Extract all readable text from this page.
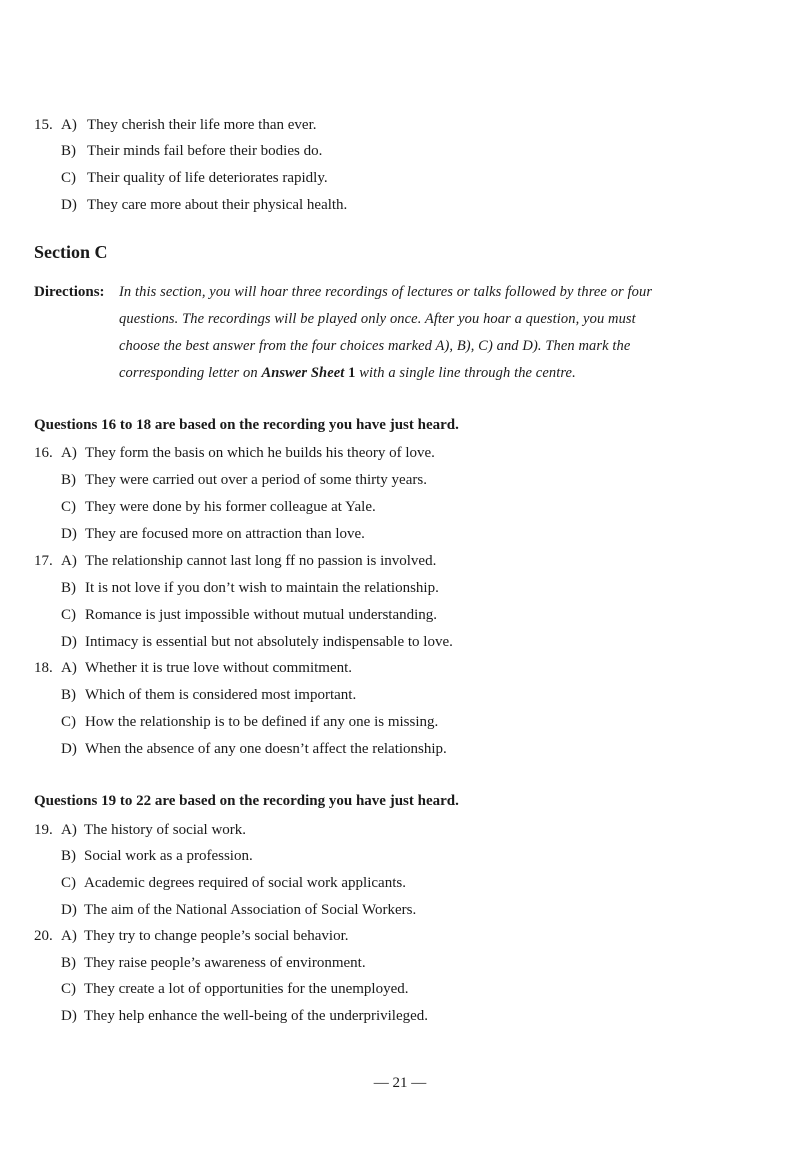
15. A) They cherish their life more than ever.
B) Their minds fail before their bodies do.
C) Their quality of life deteriorates rapidly.
D) They care more about their physical health.
Section C
Directions: In this section, you will hoar three recordings of lectures or talks followed by three or four
questions. The recordings will be played only once. After you hoar a question, you must
choose the best answer from the four choices marked A), B), C) and D). Then mark the
corresponding letter on Answer Sheet 1 with a single line through the centre.
Questions 16 to 18 are based on the recording you have just heard.
16. A) They form the basis on which he builds his theory of love.
B) They were carried out over a period of some thirty years.
C) They were done by his former colleague at Yale.
D) They are focused more on attraction than love.
17. A) The relationship cannot last long ff no passion is involved.
B) It is not love if you don’t wish to maintain the relationship.
C) Romance is just impossible without mutual understanding.
D) Intimacy is essential but not absolutely indispensable to love.
18. A) Whether it is true love without commitment.
B) Which of them is considered most important.
C) How the relationship is to be defined if any one is missing.
D) When the absence of any one doesn’t affect the relationship.
Questions 19 to 22 are based on the recording you have just heard.
19. A) The history of social work.
B) Social work as a profession.
C) Academic degrees required of social work applicants.
D) The aim of the National Association of Social Workers.
20. A) They try to change people’s social behavior.
B) They raise people’s awareness of environment.
C) They create a lot of opportunities for the unemployed.
D) They help enhance the well-being of the underprivileged.
— 21 —
